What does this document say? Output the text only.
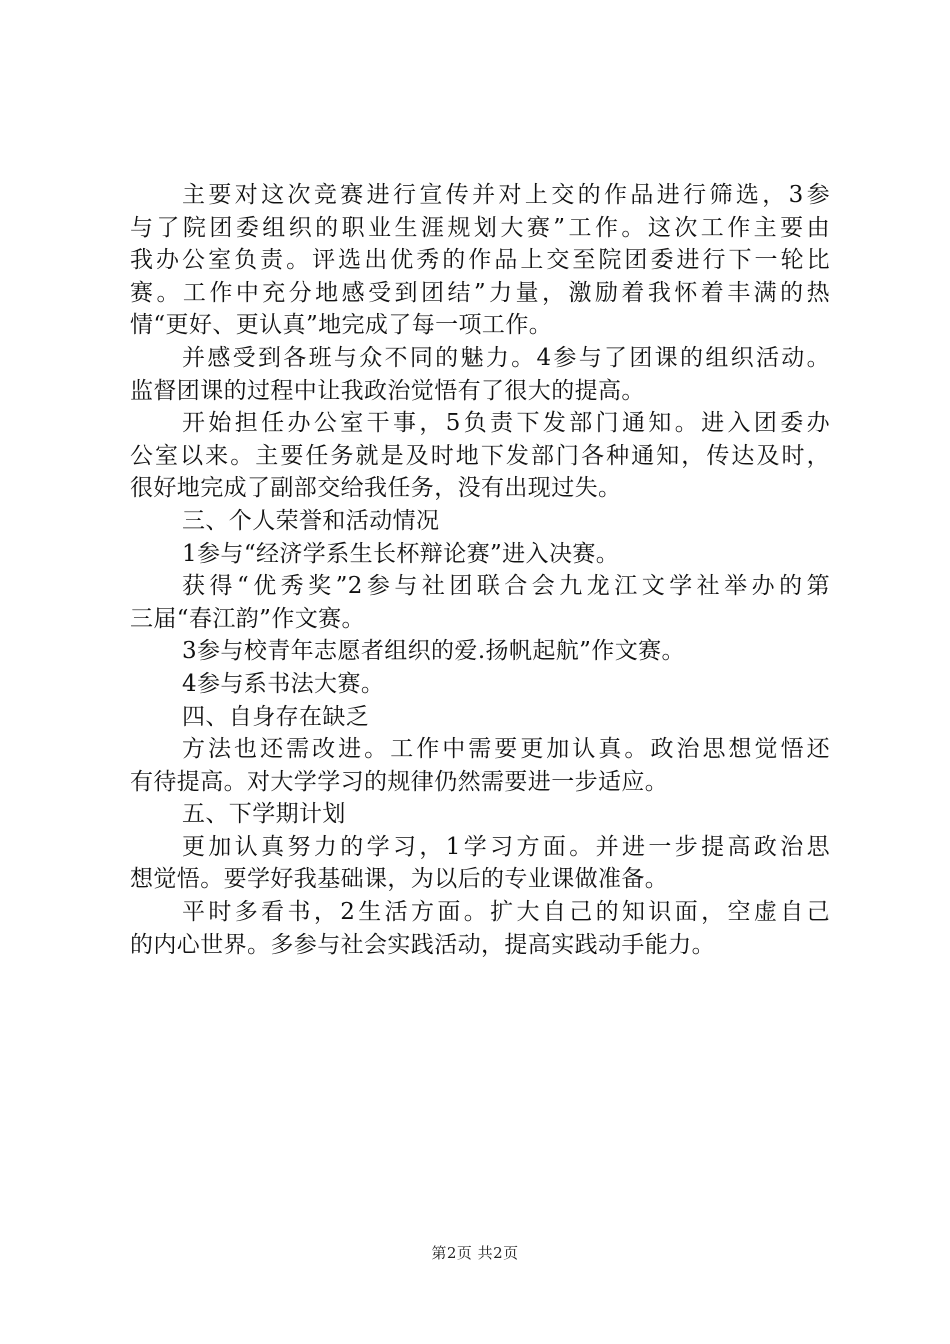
主要对这次竞赛进行宣传并对上交的作品进行筛选，3参
与了院团委组织的职业生涯规划大赛”工作。这次工作主要由
我办公室负责。评选出优秀的作品上交至院团委进行下一轮比
赛。工作中充分地感受到团结”力量，激励着我怀着丰满的热
情“更好、更认真”地完成了每一项工作。
并感受到各班与众不同的魅力。4参与了团课的组织活动。
监督团课的过程中让我政治觉悟有了很大的提高。
开始担任办公室干事，5负责下发部门通知。进入团委办
公室以来。主要任务就是及时地下发部门各种通知，传达及时，
很好地完成了副部交给我任务，没有出现过失。
三、个人荣誉和活动情况
1参与“经济学系生长杯辩论赛”进入决赛。
获得“优秀奖”2参与社团联合会九龙江文学社举办的第
三届“春江韵”作文赛。
3参与校青年志愿者组织的爱.扬帆起航”作文赛。
4参与系书法大赛。
四、自身存在缺乏
方法也还需改进。工作中需要更加认真。政治思想觉悟还
有待提高。对大学学习的规律仍然需要进一步适应。
五、下学期计划
更加认真努力的学习，1学习方面。并进一步提高政治思
想觉悟。要学好我基础课，为以后的专业课做准备。
平时多看书，2生活方面。扩大自己的知识面，空虚自己
的内心世界。多参与社会实践活动，提高实践动手能力。
第2页 共2页
